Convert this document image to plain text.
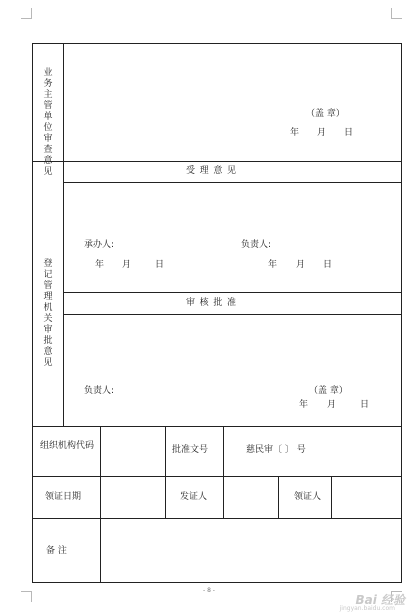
业务主管单位审查意见
（盖 章）
年 月 日
登记管理机关审批意见
受 理 意 见
承办人:	负责人:
年 月	日	年 月 日
审 核 批 准
负责人:	（盖 章）
年 月	日
组织机构代码	批准文号	慈民审〔 〕 号
领证日期	发证人	领证人
备 注
- 8 -
Bai 经验
jingyan.baidu.com
